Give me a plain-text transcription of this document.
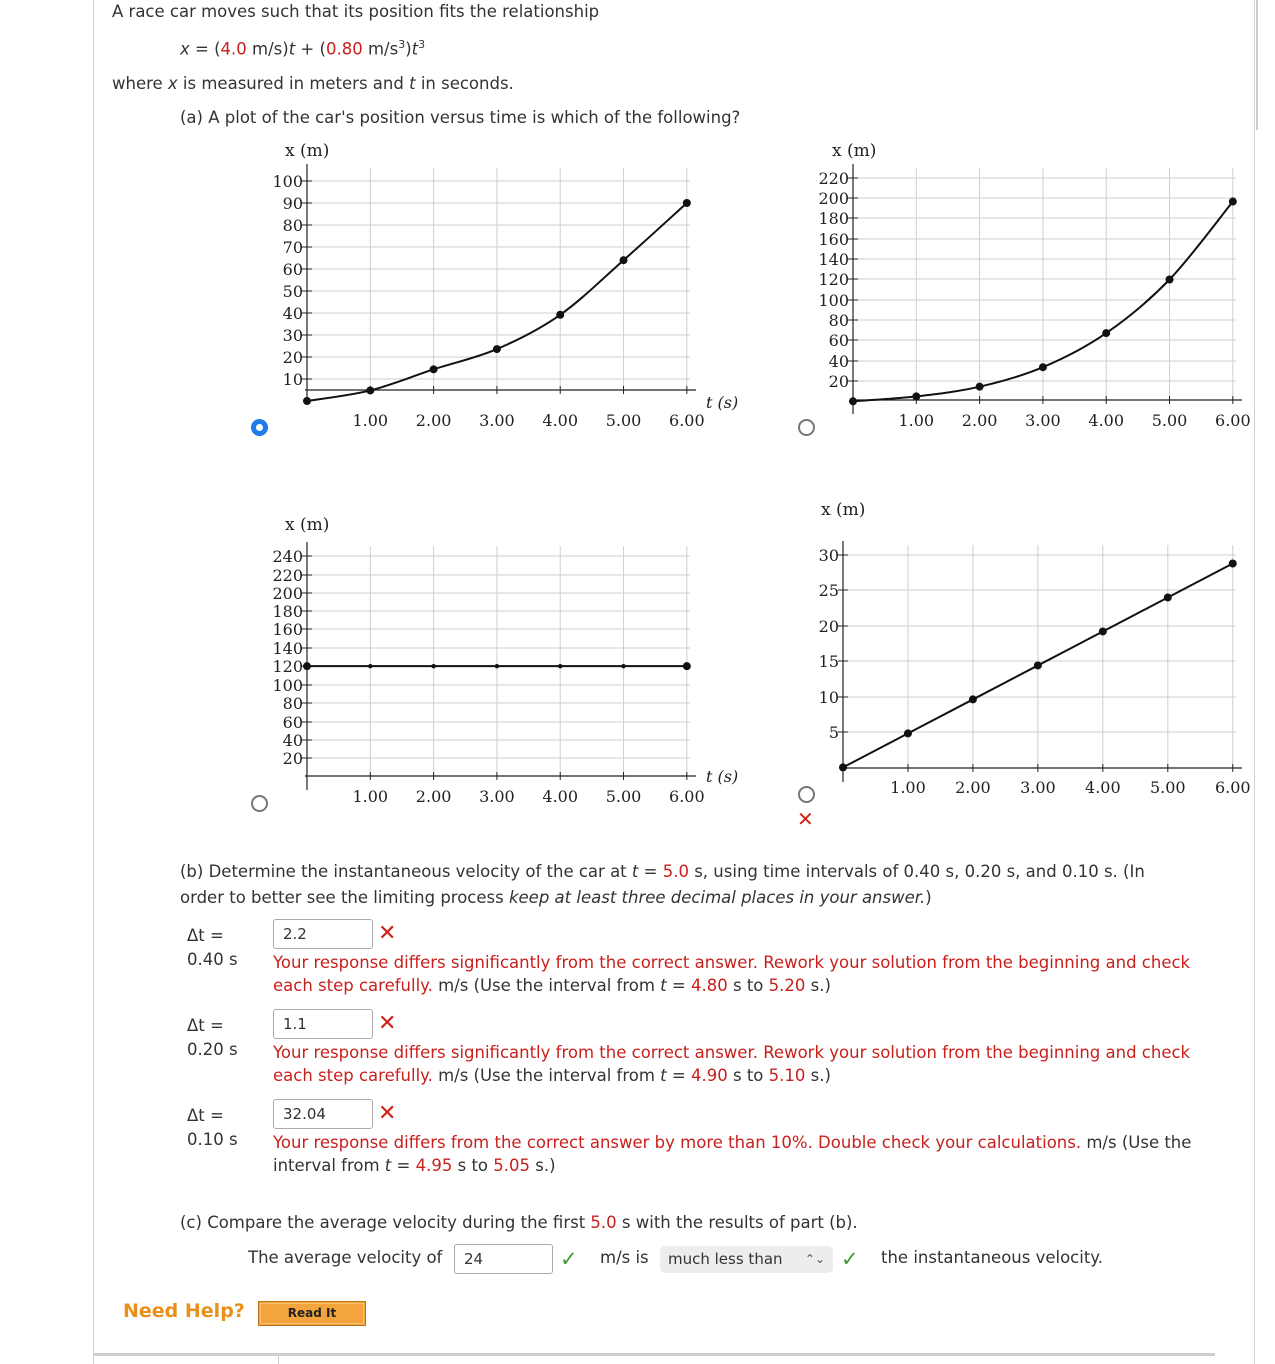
A race car moves such that its position fits the relationship
x = (4.0 m/s)t + (0.80 $m/s^3)t^3$
where x is measured in meters and t in seconds.
(a) A plot of the car's position versus time is which of the following?
1.00 2.00 3.00 4.00 5.00 6.00
10
20
30
40
50
60
70
80
90
100
x (m)
t (s)
1.00 2.00 3.00 4.00 5.00 6.00
20
40
60
80
100
120
140
160
180
200
220
x (m)
1.00 2.00 3.00 4.00 5.00 6.00
20
40
60
80
100
120
140
160
180
200
220
240
x (m)
t (s)
1.00 2.00 3.00 4.00 5.00 6.00
5
10
15
20
25
30
x (m)
✕
(b) Determine the instantaneous velocity of the car at t = 5.0 s, using time intervals of 0.40 s, 0.20 s, and 0.10 s. (In
order to better see the limiting process keep at least three decimal places in your answer.)
Δt =
0.40 s
2.2	✕
Your response differs significantly from the correct answer. Rework your solution from the beginning and check each step carefully. m/s (Use the interval from t = 4.80 s to 5.20 s.)
Δt =
0.20 s
1.1	✕
Your response differs significantly from the correct answer. Rework your solution from the beginning and check each step carefully. m/s (Use the interval from t = 4.90 s to 5.10 s.)
Δt =
0.10 s
32.04	✕
Your response differs from the correct answer by more than 10%. Double check your calculations. m/s (Use the interval from t = 4.95 s to 5.05 s.)
(c) Compare the average velocity during the first 5.0 s with the results of part (b).
The average velocity of	24	✓ m/s is	much less than ⌃⌄ ✓ the instantaneous velocity.
Need Help?	Read It
